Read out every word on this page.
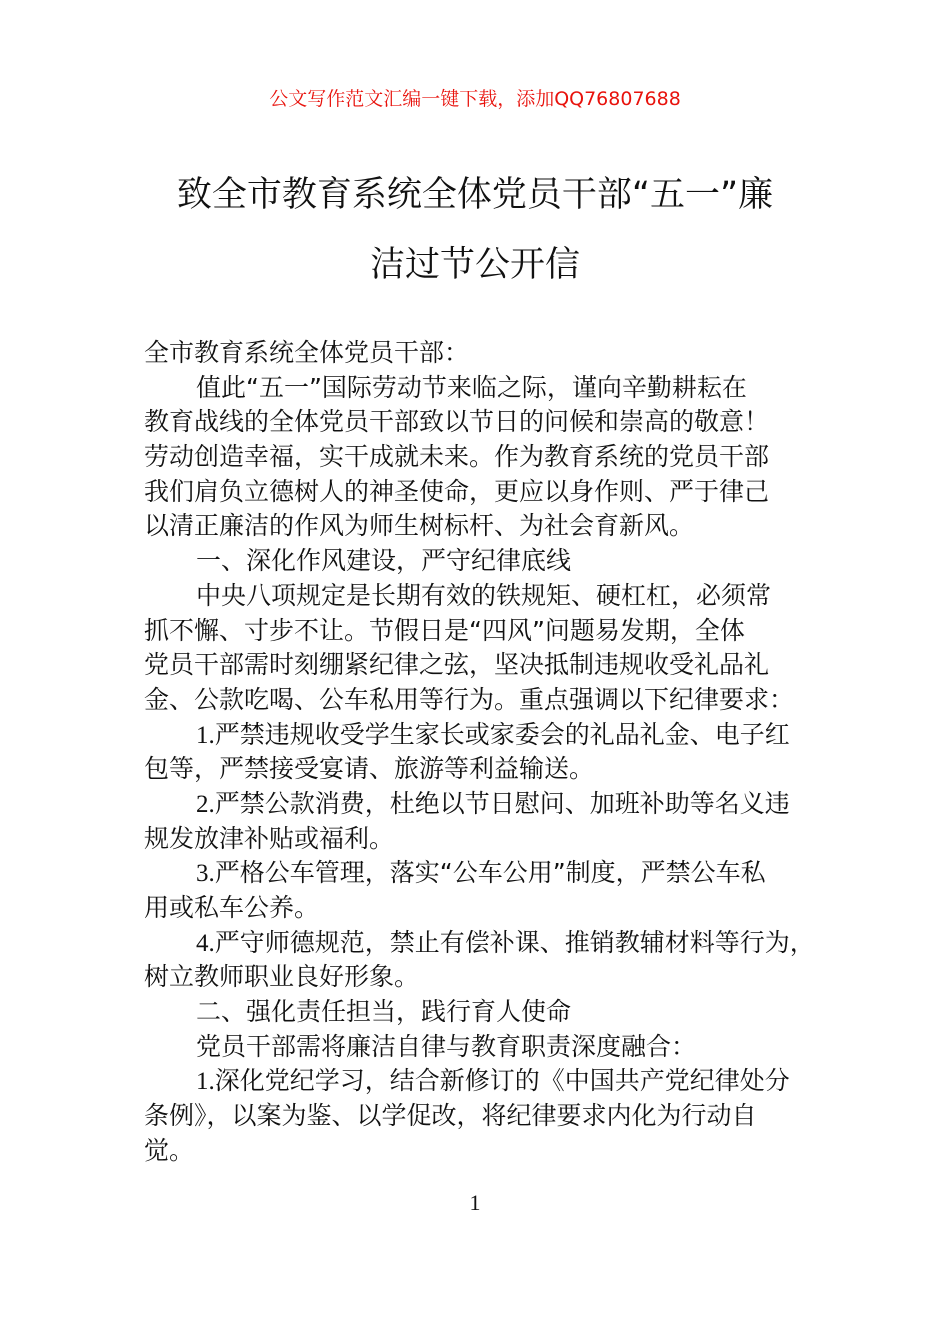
公文写作范文汇编一键下载，添加QQ76807688
致全市教育系统全体党员干部“五一”廉
洁过节公开信
全市教育系统全体党员干部：
值此“五一”国际劳动节来临之际，谨向辛勤耕耘在
教育战线的全体党员干部致以节日的问候和崇高的敬意！
劳动创造幸福，实干成就未来。作为教育系统的党员干部
我们肩负立德树人的神圣使命，更应以身作则、严于律己
以清正廉洁的作风为师生树标杆、为社会育新风。
一、深化作风建设，严守纪律底线
中央八项规定是长期有效的铁规矩、硬杠杠，必须常
抓不懈、寸步不让。节假日是“四风”问题易发期，全体
党员干部需时刻绷紧纪律之弦，坚决抵制违规收受礼品礼
金、公款吃喝、公车私用等行为。重点强调以下纪律要求：
1.严禁违规收受学生家长或家委会的礼品礼金、电子红
包等，严禁接受宴请、旅游等利益输送。
2.严禁公款消费，杜绝以节日慰问、加班补助等名义违
规发放津补贴或福利。
3.严格公车管理，落实“公车公用”制度，严禁公车私
用或私车公养。
4.严守师德规范，禁止有偿补课、推销教辅材料等行为，
树立教师职业良好形象。
二、强化责任担当，践行育人使命
党员干部需将廉洁自律与教育职责深度融合：
1.深化党纪学习，结合新修订的《中国共产党纪律处分
条例》，以案为鉴、以学促改，将纪律要求内化为行动自
觉。
1
